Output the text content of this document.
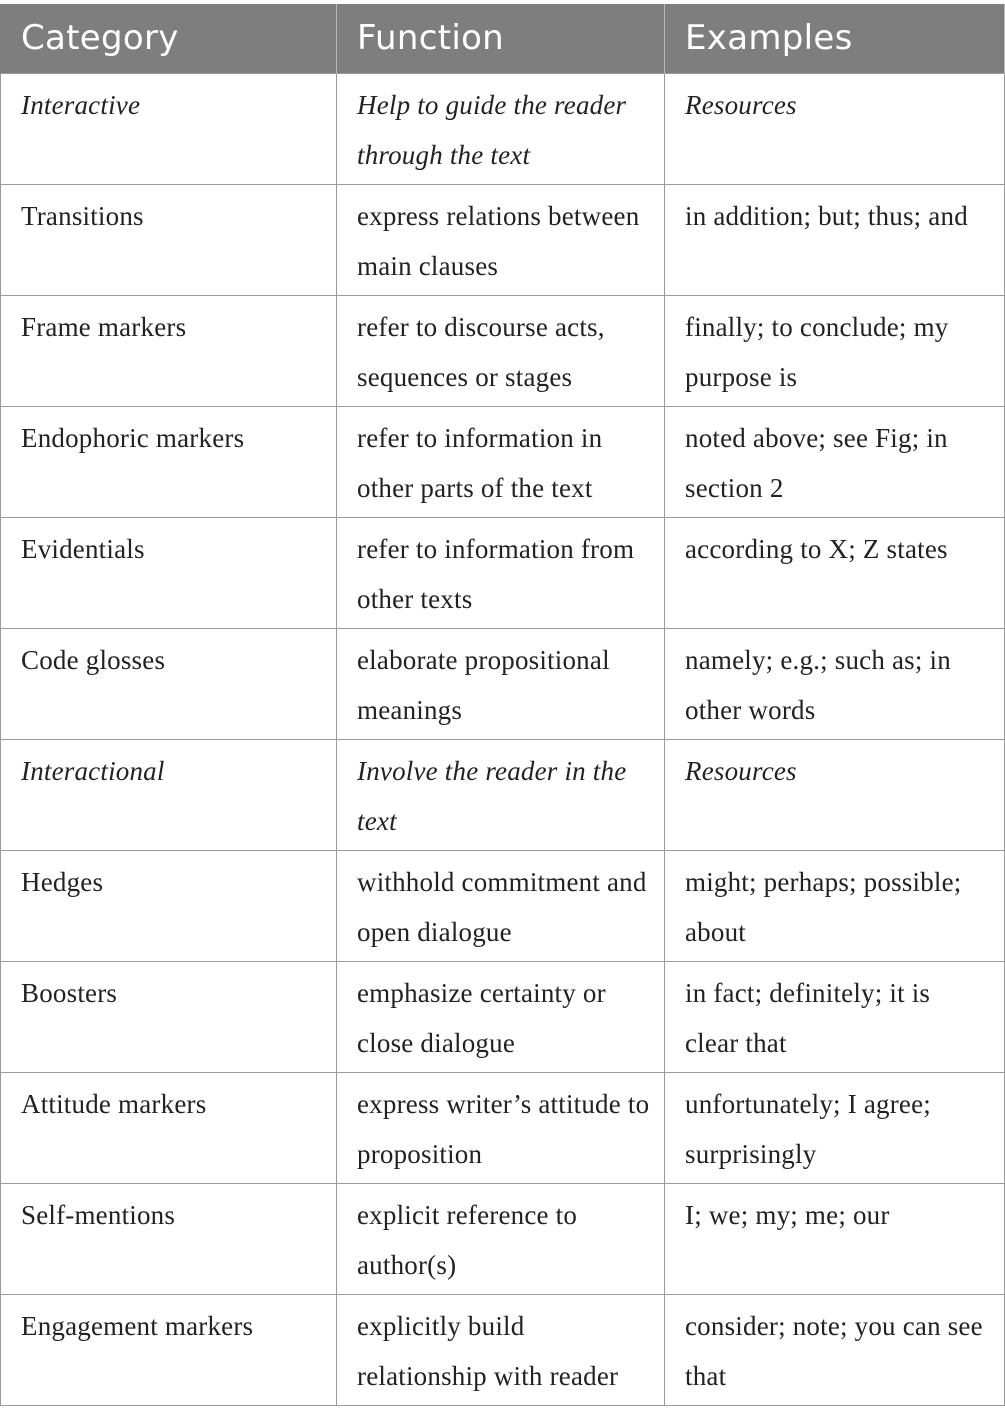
Category	Function	Examples
Interactive	Help to guide the reader through the text	Resources
Transitions	express relations between main clauses	in addition; but; thus; and
Frame markers	refer to discourse acts, sequences or stages	finally; to conclude; my purpose is
Endophoric markers	refer to information in other parts of the text	noted above; see Fig; in section 2
Evidentials	refer to information from other texts	according to X; Z states
Code glosses	elaborate propositional meanings	namely; e.g.; such as; in other words
Interactional	Involve the reader in the text	Resources
Hedges	withhold commitment and open dialogue	might; perhaps; possible; about
Boosters	emphasize certainty or close dialogue	in fact; definitely; it is clear that
Attitude markers	express writer’s attitude to proposition	unfortunately; I agree; surprisingly
Self-mentions	explicit reference to author(s)	I; we; my; me; our
Engagement markers	explicitly build relationship with reader	consider; note; you can see that
